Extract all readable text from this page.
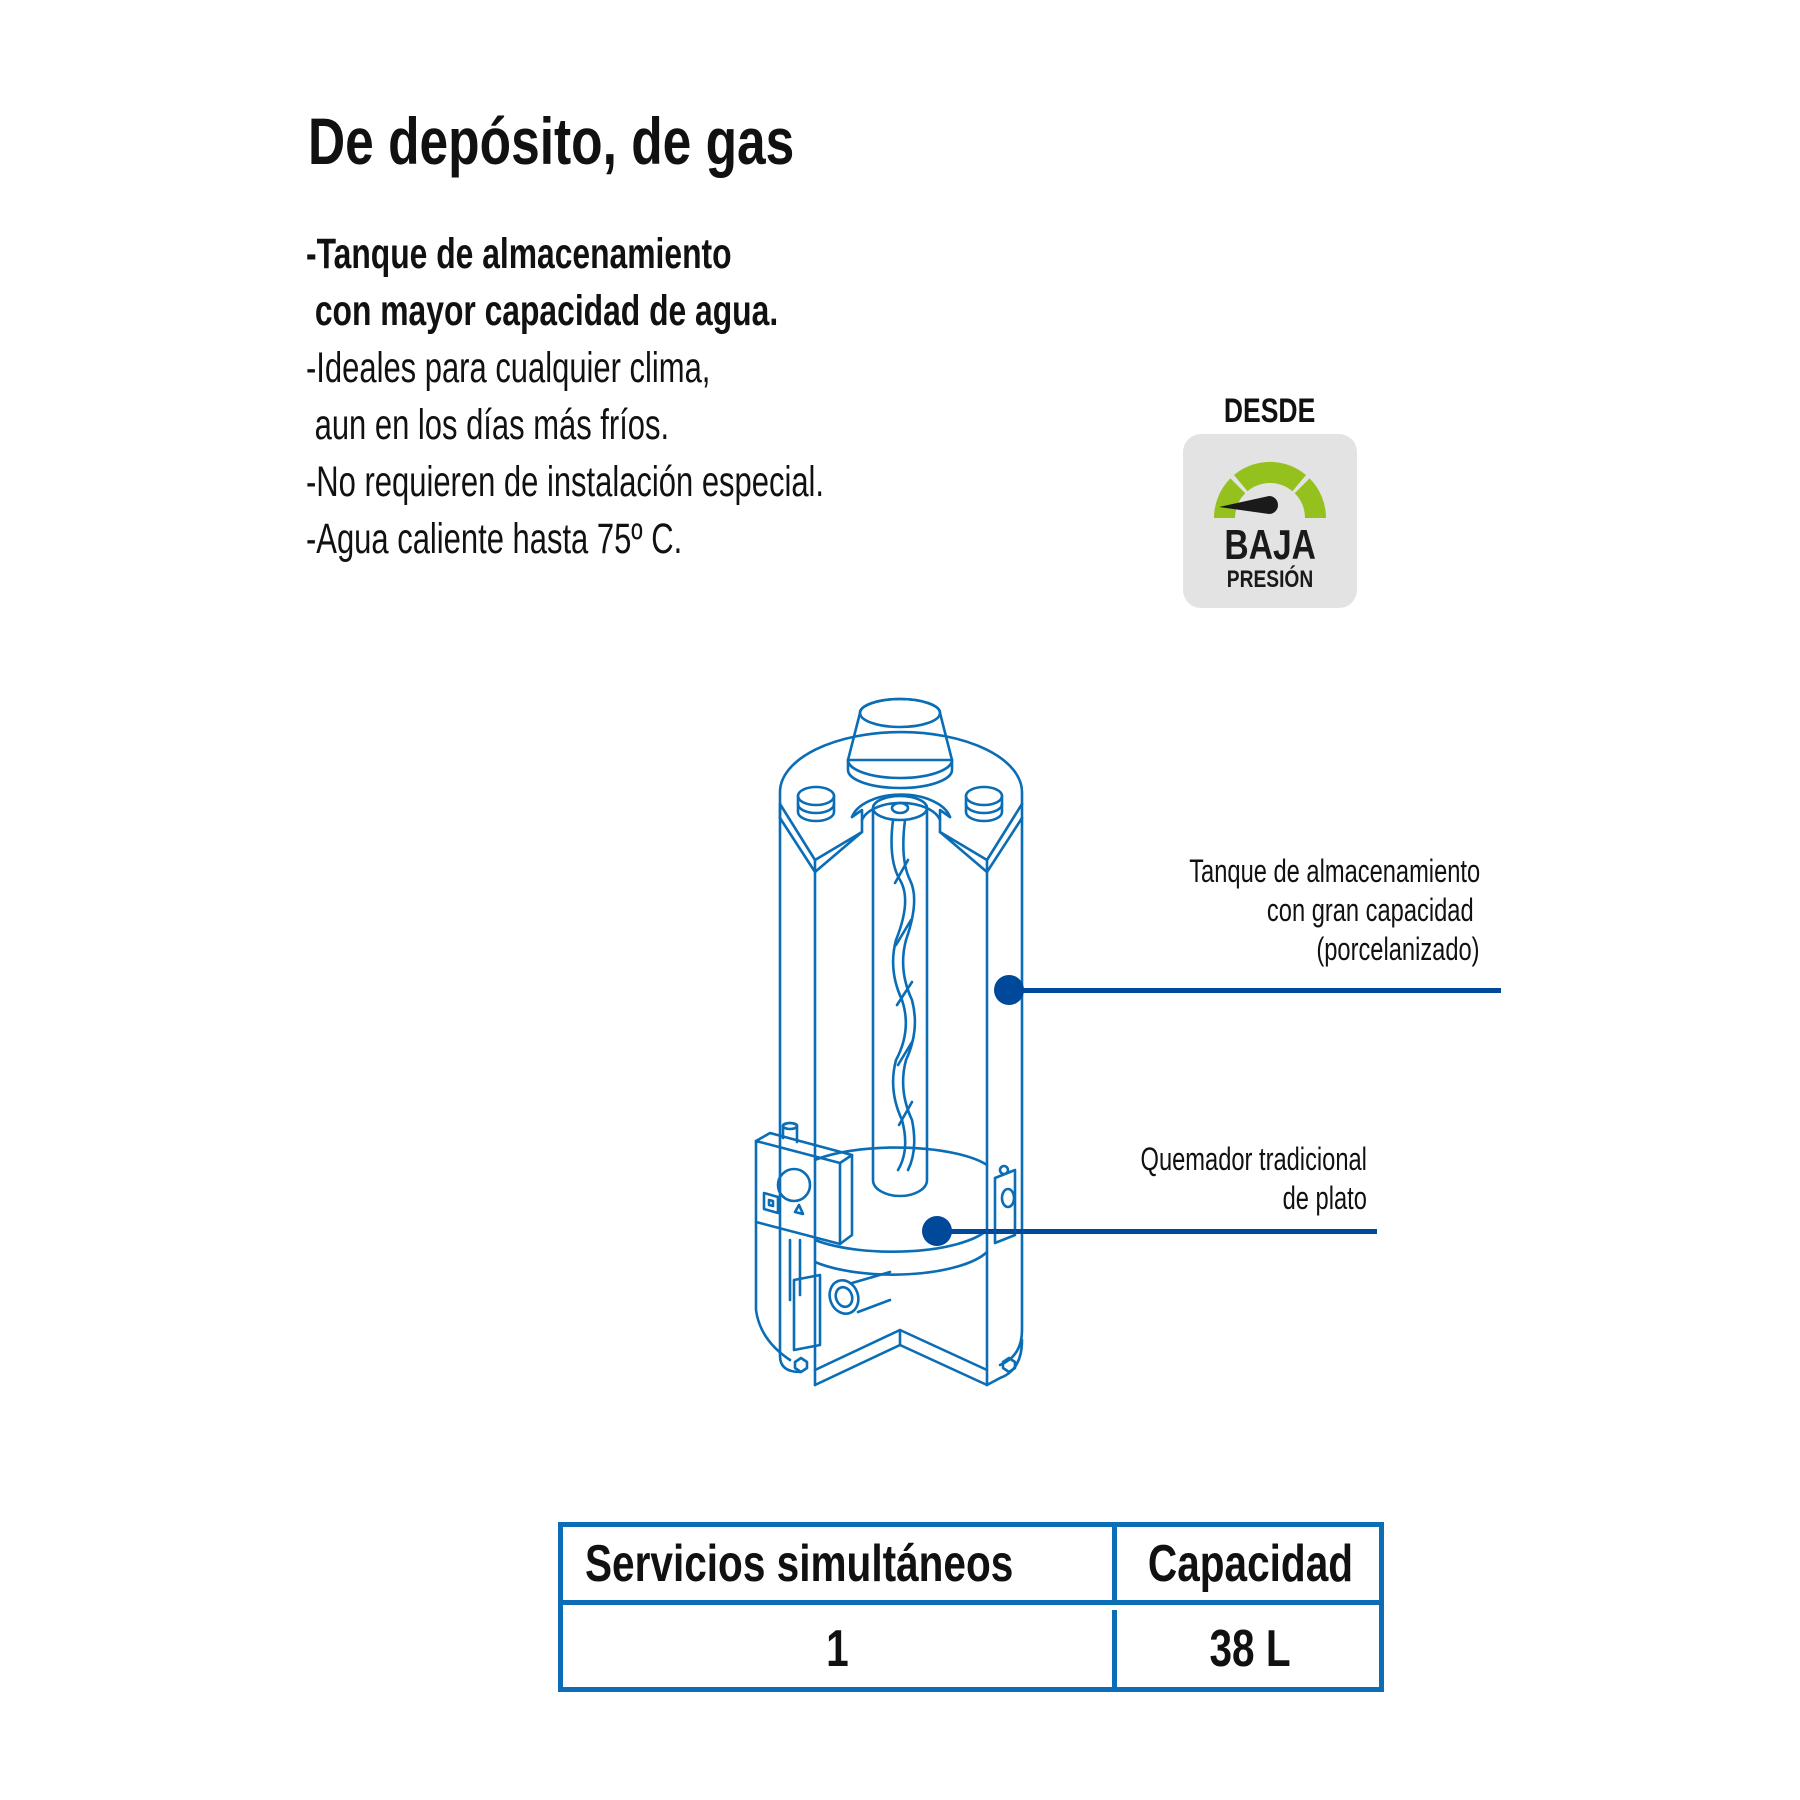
De depósito, de gas
-Tanque de almacenamiento
con mayor capacidad de agua.
-Ideales para cualquier clima,
aun en los días más fríos.
-No requieren de instalación especial.
-Agua caliente hasta 75º C.
DESDE
BAJA
PRESIÓN
Tanque de almacenamiento
con gran capacidad
(porcelanizado)
Quemador tradicional
de plato
Servicios simultáneos	Capacidad
1	38 L
